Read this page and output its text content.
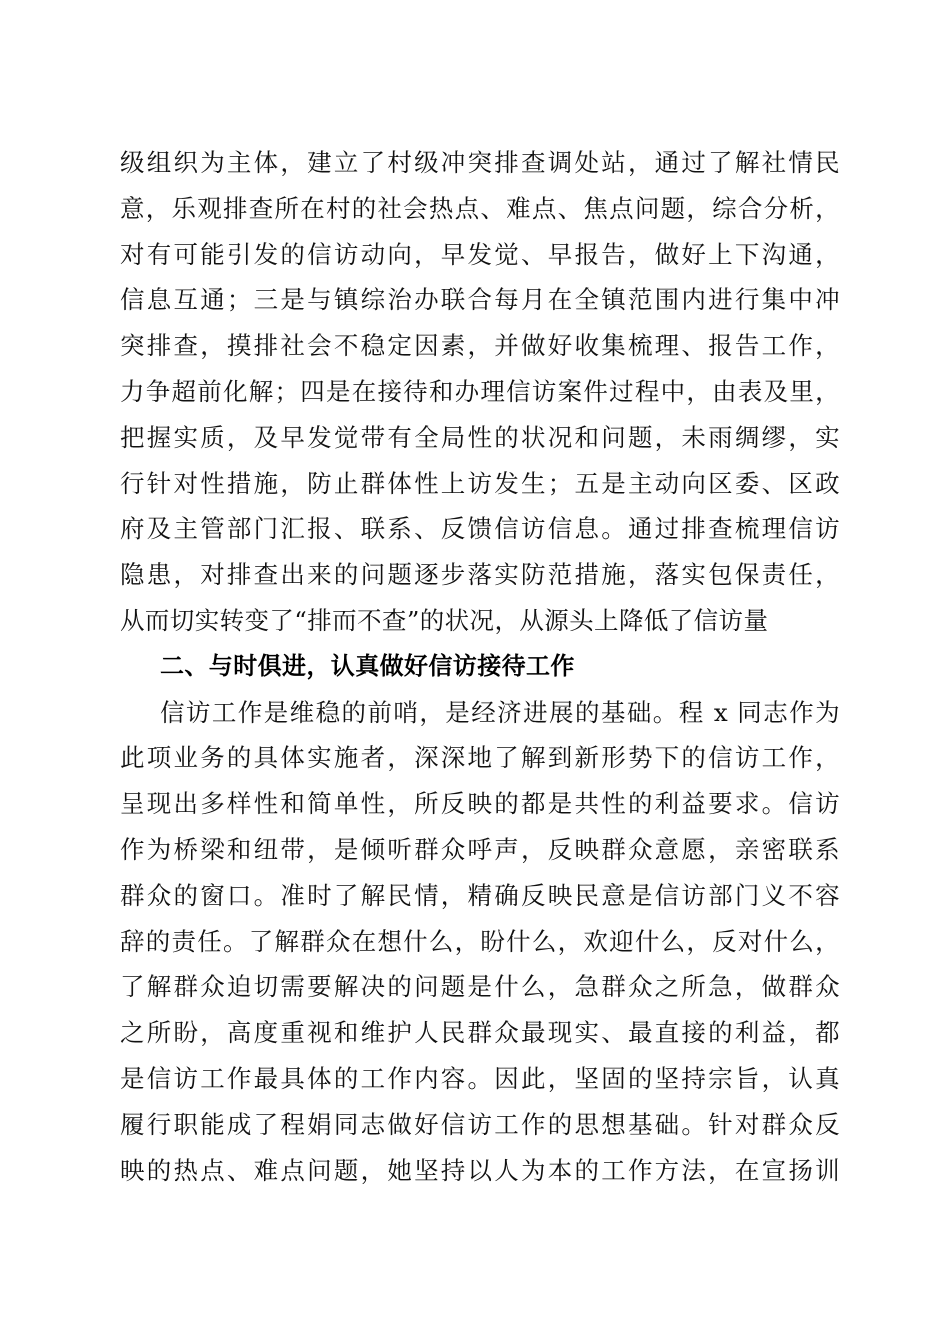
级组织为主体，建立了村级冲突排查调处站，通过了解社情民
意，乐观排查所在村的社会热点、难点、焦点问题，综合分析，
对有可能引发的信访动向，早发觉、早报告，做好上下沟通，
信息互通；三是与镇综治办联合每月在全镇范围内进行集中冲
突排查，摸排社会不稳定因素，并做好收集梳理、报告工作，
力争超前化解；四是在接待和办理信访案件过程中，由表及里，
把握实质，及早发觉带有全局性的状况和问题，未雨绸缪，实
行针对性措施，防止群体性上访发生；五是主动向区委、区政
府及主管部门汇报、联系、反馈信访信息。通过排查梳理信访
隐患，对排查出来的问题逐步落实防范措施，落实包保责任，
从而切实转变了“排而不查”的状况，从源头上降低了信访量
二、与时俱进，认真做好信访接待工作
信访工作是维稳的前哨，是经济进展的基础。程 x 同志作为
此项业务的具体实施者，深深地了解到新形势下的信访工作，
呈现出多样性和简单性，所反映的都是共性的利益要求。信访
作为桥梁和纽带，是倾听群众呼声，反映群众意愿，亲密联系
群众的窗口。准时了解民情，精确反映民意是信访部门义不容
辞的责任。了解群众在想什么，盼什么，欢迎什么，反对什么，
了解群众迫切需要解决的问题是什么，急群众之所急，做群众
之所盼，高度重视和维护人民群众最现实、最直接的利益，都
是信访工作最具体的工作内容。因此，坚固的坚持宗旨，认真
履行职能成了程娟同志做好信访工作的思想基础。针对群众反
映的热点、难点问题，她坚持以人为本的工作方法，在宣扬训
